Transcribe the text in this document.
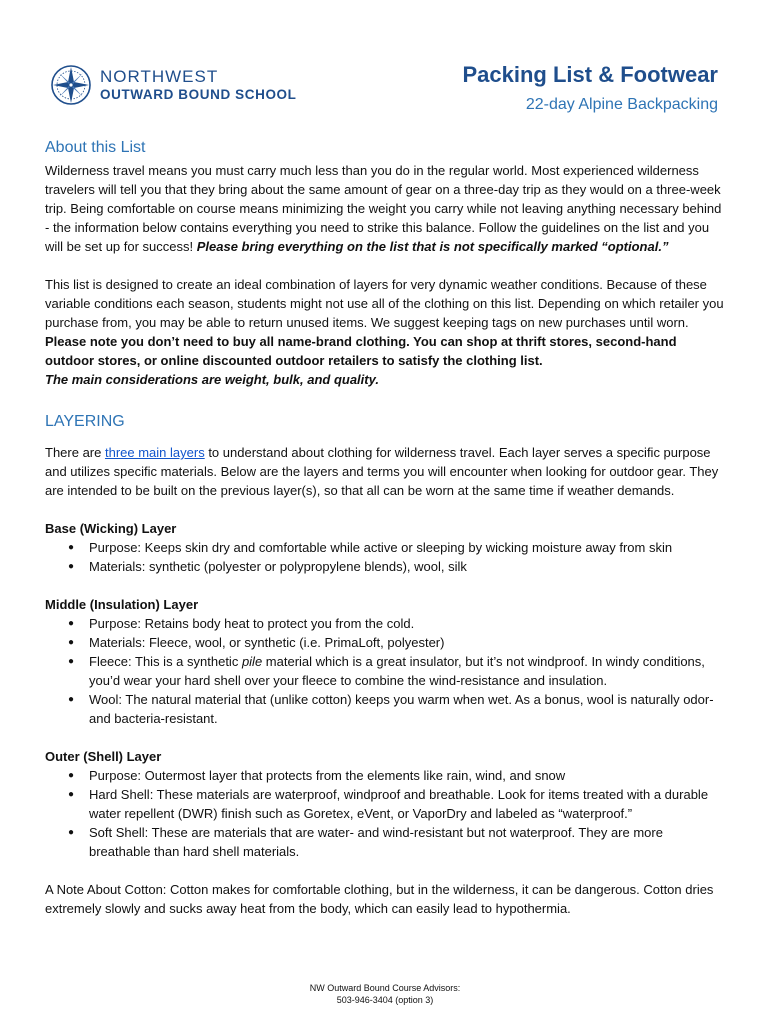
NORTHWEST
OUTWARD BOUND SCHOOL
Packing List & Footwear
22-day Alpine Backpacking
About this List

Wilderness travel means you must carry much less than you do in the regular world. Most experienced wilderness travelers will tell you that they bring about the same amount of gear on a three-day trip as they would on a three-week trip. Being comfortable on course means minimizing the weight you carry while not leaving anything necessary behind - the information below contains everything you need to strike this balance. Follow the guidelines on the list and you will be set up for success! Please bring everything on the list that is not specifically marked “optional.”

This list is designed to create an ideal combination of layers for very dynamic weather conditions. Because of these variable conditions each season, students might not use all of the clothing on this list. Depending on which retailer you purchase from, you may be able to return unused items. We suggest keeping tags on new purchases until worn. Please note you don’t need to buy all name-brand clothing. You can shop at thrift stores, second-hand outdoor stores, or online discounted outdoor retailers to satisfy the clothing list.
The main considerations are weight, bulk, and quality.

LAYERING

There are three main layers to understand about clothing for wilderness travel. Each layer serves a specific purpose and utilizes specific materials. Below are the layers and terms you will encounter when looking for outdoor gear. They are intended to be built on the previous layer(s), so that all can be worn at the same time if weather demands.

Base (Wicking) Layer

● Purpose: Keeps skin dry and comfortable while active or sleeping by wicking moisture away from skin
● Materials: synthetic (polyester or polypropylene blends), wool, silk

Middle (Insulation) Layer

● Purpose: Retains body heat to protect you from the cold.
● Materials: Fleece, wool, or synthetic (i.e. PrimaLoft, polyester)
● Fleece: This is a synthetic pile material which is a great insulator, but it’s not windproof. In windy conditions, you’d wear your hard shell over your fleece to combine the wind-resistance and insulation.
● Wool: The natural material that (unlike cotton) keeps you warm when wet. As a bonus, wool is naturally odor- and bacteria-resistant.

Outer (Shell) Layer

● Purpose: Outermost layer that protects from the elements like rain, wind, and snow
● Hard Shell: These materials are waterproof, windproof and breathable. Look for items treated with a durable water repellent (DWR) finish such as Goretex, eVent, or VaporDry and labeled as “waterproof.”
● Soft Shell: These are materials that are water- and wind-resistant but not waterproof. They are more breathable than hard shell materials.

A Note About Cotton: Cotton makes for comfortable clothing, but in the wilderness, it can be dangerous. Cotton dries extremely slowly and sucks away heat from the body, which can easily lead to hypothermia.

NW Outward Bound Course Advisors:
503-946-3404 (option 3)
